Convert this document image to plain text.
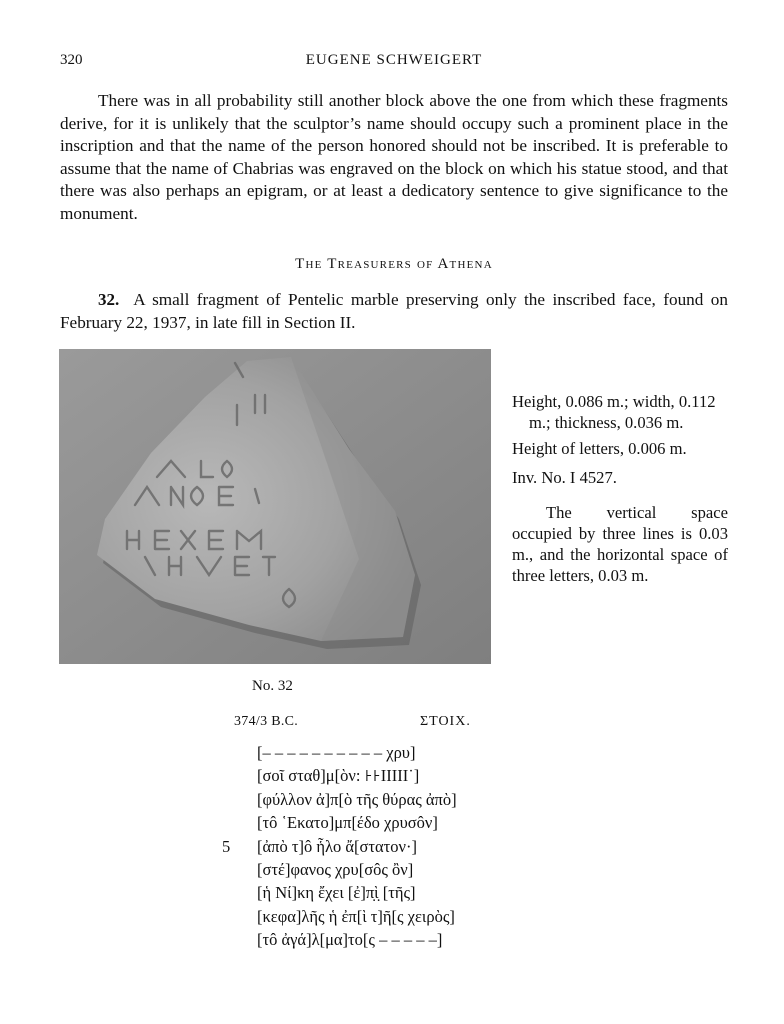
320	EUGENE SCHWEIGERT

There was in all probability still another block above the one from which these fragments derive, for it is unlikely that the sculptor’s name should occupy such a prominent place in the inscription and that the name of the person honored should not be inscribed. It is preferable to assume that the name of Chabrias was engraved on the block on which his statue stood, and that there was also perhaps an epigram, or at least a dedicatory sentence to give significance to the monument.

The Treasurers of Athena

32. A small fragment of Pentelic marble preserving only the inscribed face, found on February 22, 1937, in late fill in Section II.

No. 32

Height, 0.086 m.; width, 0.112 m.; thickness, 0.036 m.

Height of letters, 0.006 m.

Inv. No. I 4527.

The vertical space occupied by three lines is 0.03 m., and the horizontal space of three letters, 0.03 m.

374/3 B.C.	ΣΤΟΙΧ.
[– – – – – – – – – – χρυ]
[σοῖ σταθ]μ[ὸν: ꜔꜔ΙΙΙΙΙ˙]
[φύλλον ἀ]π[ὸ τῆς θύρας ἀπὸ]
[τô ῾Εκατο]μπ[έδο χρυσôν]
5	[ἀπὸ τ]ô ἧλο ἄ[στατον·]
[στέ]φανος χρυ[σôς ὂν]
[ἡ Νί]κη ἔχει [ἐ]π̣ὶ̣ [τῆς]
[κεφα]λῆς ἡ ἐπ[ὶ τ]ῆ[ς χειρὸς]
[τô ἀγά]λ[μα]το[ς – – – – –]
